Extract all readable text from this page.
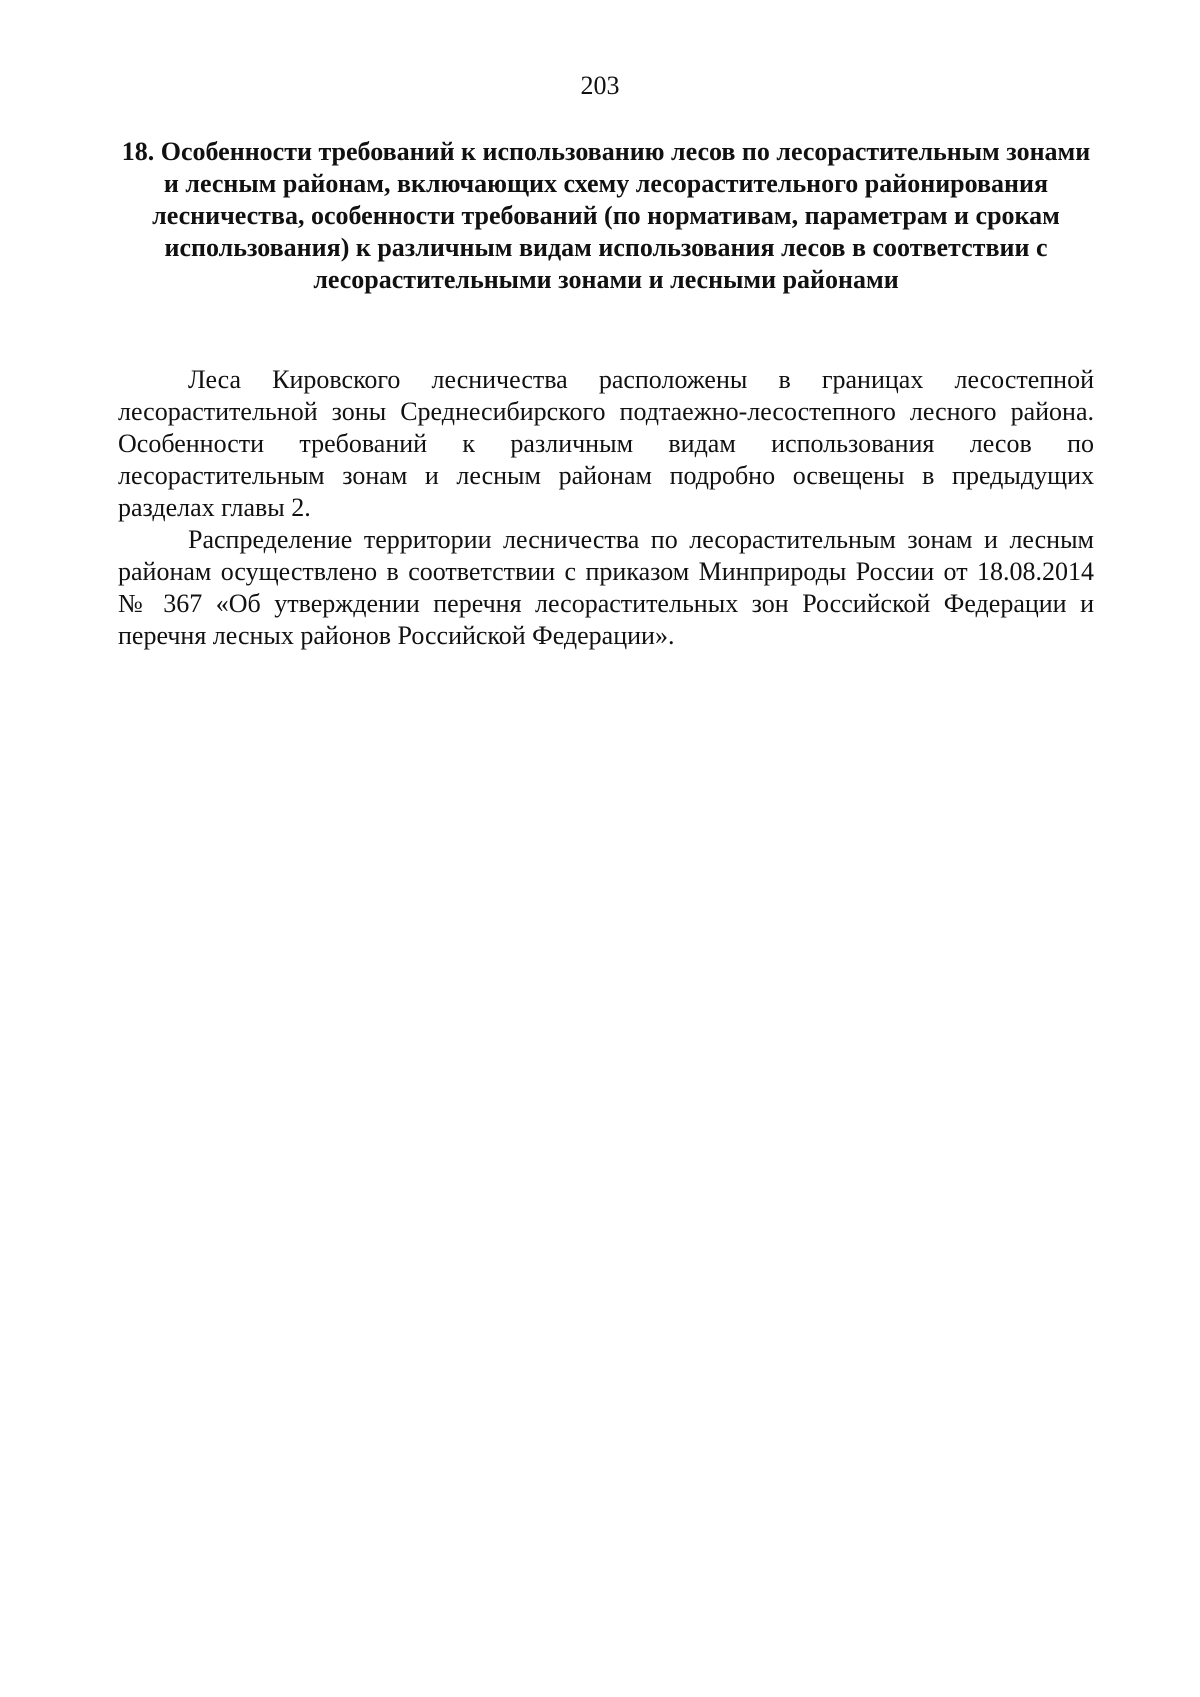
203
18. Особенности требований к использованию лесов по лесорастительным зонами и лесным районам, включающих схему лесорастительного районирования лесничества, особенности требований (по нормативам, параметрам и срокам использования) к различным видам использования лесов в соответствии с лесорастительными зонами и лесными районами

Леса Кировского лесничества расположены в границах лесостепной лесорастительной зоны Среднесибирского подтаежно-лесостепного лесного района. Особенности требований к различным видам использования лесов по лесорастительным зонам и лесным районам подробно освещены в предыдущих разделах главы 2.

Распределение территории лесничества по лесорастительным зонам и лесным районам осуществлено в соответствии с приказом Минприроды России от 18.08.2014 № 367 «Об утверждении перечня лесорастительных зон Российской Федерации и перечня лесных районов Российской Федерации».
